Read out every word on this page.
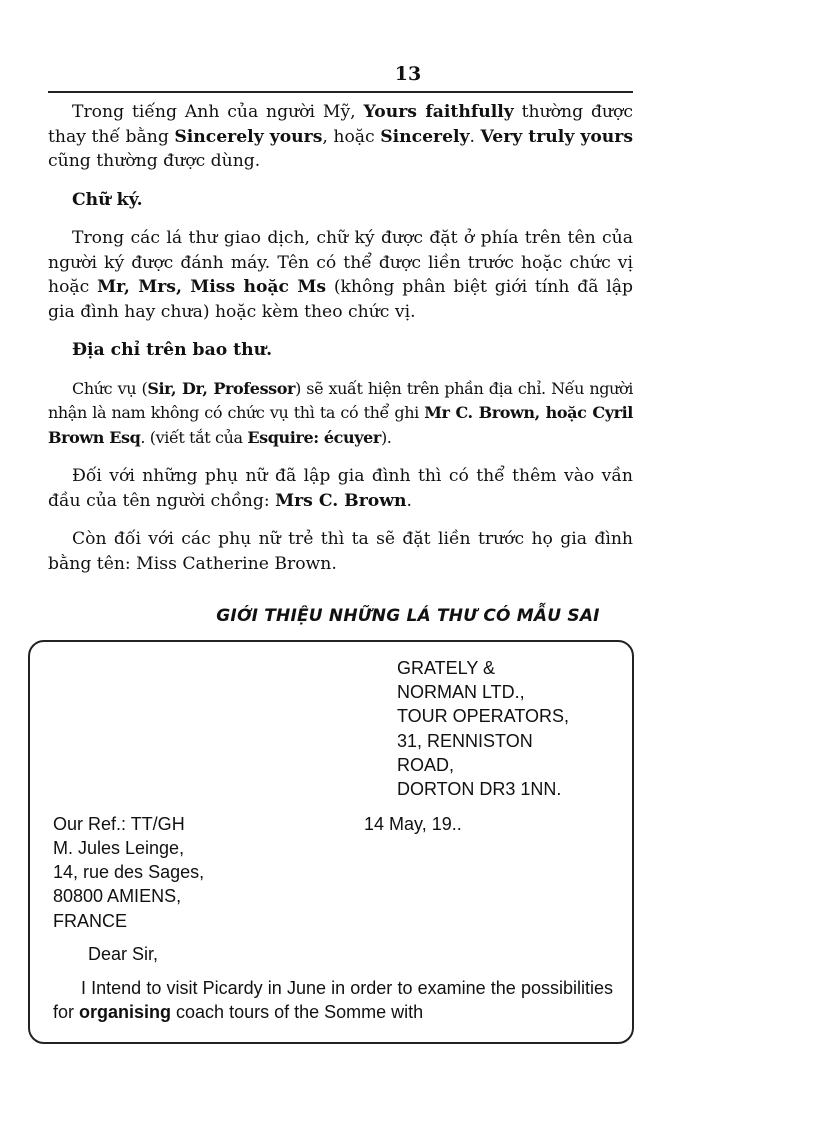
13

Trong tiếng Anh của người Mỹ, Yours faithfully thường được thay thế bằng Sincerely yours, hoặc Sincerely. Very truly yours cũng thường được dùng.

Chữ ký.

Trong các lá thư giao dịch, chữ ký được đặt ở phía trên tên của người ký được đánh máy. Tên có thể được liền trước hoặc chức vị hoặc Mr, Mrs, Miss hoặc Ms (không phân biệt giới tính đã lập gia đình hay chưa) hoặc kèm theo chức vị.

Địa chỉ trên bao thư.

Chức vụ (Sir, Dr, Professor) sẽ xuất hiện trên phần địa chỉ. Nếu người nhận là nam không có chức vụ thì ta có thể ghi Mr C. Brown, hoặc Cyril Brown Esq. (viết tắt của Esquire: écuyer).

Đối với những phụ nữ đã lập gia đình thì có thể thêm vào vần đầu của tên người chồng: Mrs C. Brown.

Còn đối với các phụ nữ trẻ thì ta sẽ đặt liền trước họ gia đình bằng tên: Miss Catherine Brown.

GIỚI THIỆU NHỮNG LÁ THƯ CÓ MẪU SAI
GRATELY &
NORMAN LTD.,
TOUR OPERATORS,
31, RENNISTON
ROAD,
DORTON DR3 1NN.
Our Ref.: TT/GH	14 May, 19..
M. Jules Leinge,
14, rue des Sages,
80800 AMIENS,
FRANCE
Dear Sir,
I Intend to visit Picardy in June in order to examine the possibilities for organising coach tours of the Somme with
